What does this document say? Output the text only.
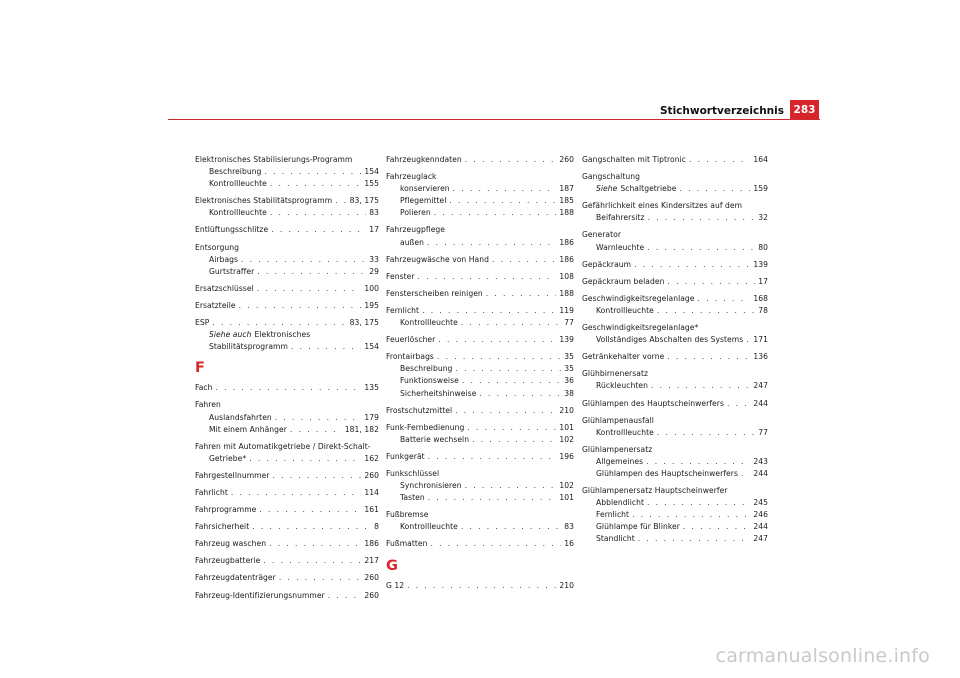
Stichwortverzeichnis 283
Elektronisches Stabilisierungs-Programm
Beschreibung . . .	154
Kontrollleuchte . . .	155
Elektronisches Stabilitätsprogramm . . . 83, 175
Kontrollleuchte . . .	83
Entlüftungsschlitze . . .	17
Entsorgung
Airbags . . .	33
Gurtstraffer . . .	29
Ersatzschlüssel . . .	100
Ersatzteile . . .	195
ESP . . .	83, 175
Siehe auch Elektronisches
Stabilitätsprogramm . . .	154
F
Fach . . .	135
Fahren
Auslandsfahrten . . .	179
Mit einem Anhänger . . .	181, 182
Fahren mit Automatikgetriebe / Direkt-Schalt-
Getriebe* . . .	162
Fahrgestellnummer . . .	260
Fahrlicht . . .	114
Fahrprogramme . . .	161
Fahrsicherheit . . .	8
Fahrzeug waschen . . .	186
Fahrzeugbatterie . . .	217
Fahrzeugdatenträger . . .	260
Fahrzeug-Identifizierungsnummer . . .	260
Fahrzeugkenndaten . . .	260
Fahrzeuglack
konservieren . . .	187
Pflegemittel . . .	185
Polieren . . .	188
Fahrzeugpflege
außen . . .	186
Fahrzeugwäsche von Hand . . .	186
Fenster . . .	108
Fensterscheiben reinigen . . .	188
Fernlicht . . .	119
Kontrollleuchte . . .	77
Feuerlöscher . . .	139
Frontairbags . . .	35
Beschreibung . . .	35
Funktionsweise . . .	36
Sicherheitshinweise . . .	38
Frostschutzmittel . . .	210
Funk-Fernbedienung . . .	101
Batterie wechseln . . .	102
Funkgerät . . .	196
Funkschlüssel
Synchronisieren . . .	102
Tasten . . .	101
Fußbremse
Kontrollleuchte . . .	83
Fußmatten . . .	16
G
G 12 . . .	210
Gangschalten mit Tiptronic . . .	164
Gangschaltung
Siehe Schaltgetriebe . . .	159
Gefährlichkeit eines Kindersitzes auf dem
Beifahrersitz . . .	32
Generator
Warnleuchte . . .	80
Gepäckraum . . .	139
Gepäckraum beladen . . .	17
Geschwindigkeitsregelanlage . . .	168
Kontrollleuchte . . .	78
Geschwindigkeitsregelanlage*
Vollständiges Abschalten des Systems . . . 171
Getränkehalter vorne . . .	136
Glühbirnenersatz
Rückleuchten . . .	247
Glühlampen des Hauptscheinwerfers . . .	244
Glühlampenausfall
Kontrollleuchte . . .	77
Glühlampenersatz
Allgemeines . . .	243
Glühlampen des Hauptscheinwerfers . . . 244
Glühlampenersatz Hauptscheinwerfer
Abblendlicht . . .	245
Fernlicht . . .	246
Glühlampe für Blinker . . .	244
Standlicht . . .	247
carmanualsonline.info
